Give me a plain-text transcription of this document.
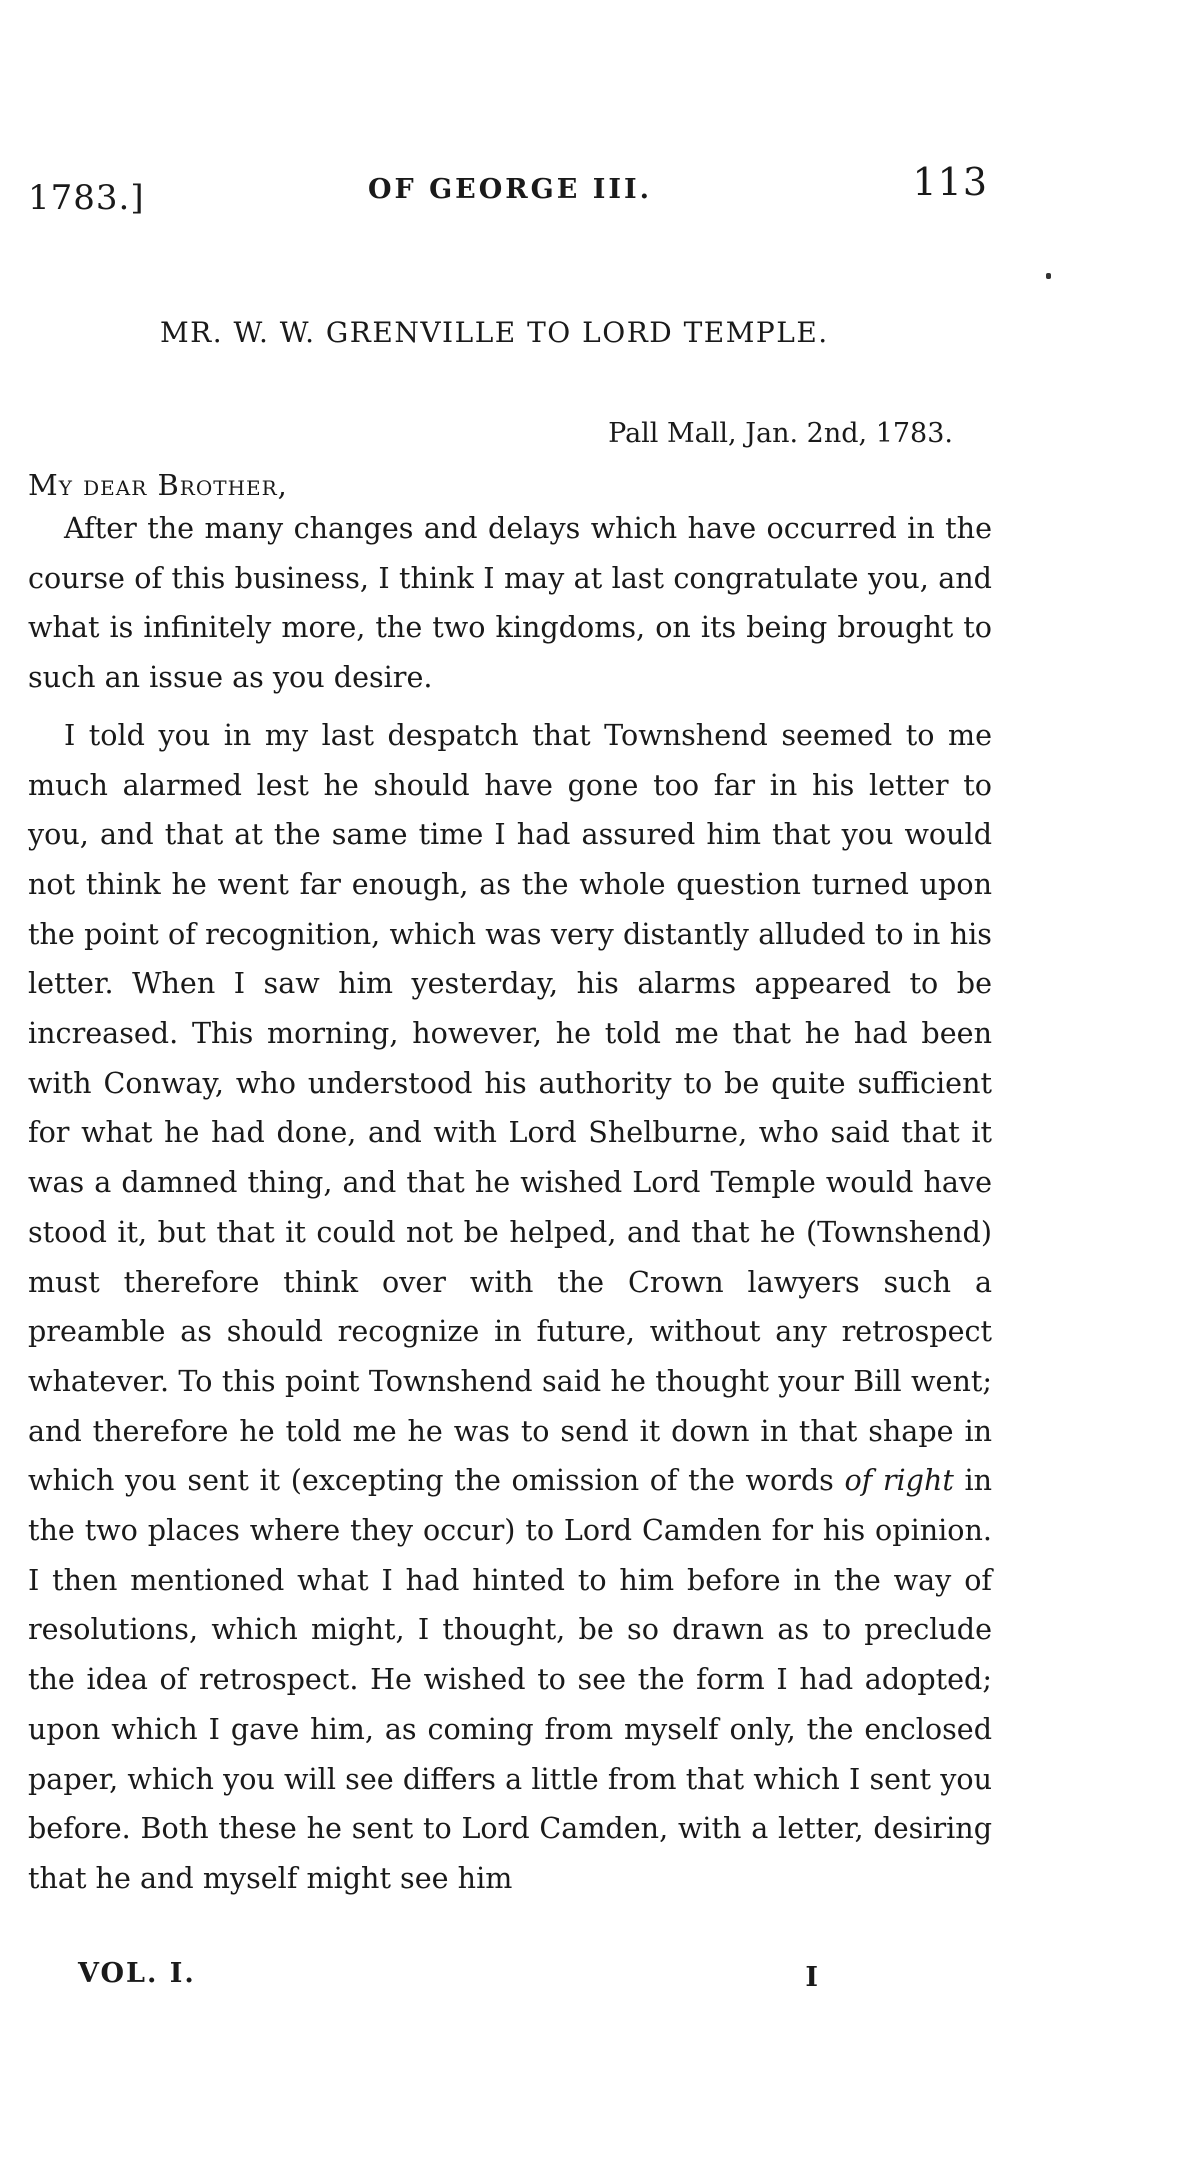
1783.]	OF GEORGE III.	113
MR. W. W. GRENVILLE TO LORD TEMPLE.
Pall Mall, Jan. 2nd, 1783.
My dear Brother,

After the many changes and delays which have occurred in the course of this business, I think I may at last congratulate you, and what is infinitely more, the two kingdoms, on its being brought to such an issue as you desire.

I told you in my last despatch that Townshend seemed to me much alarmed lest he should have gone too far in his letter to you, and that at the same time I had assured him that you would not think he went far enough, as the whole question turned upon the point of recognition, which was very distantly alluded to in his letter. When I saw him yesterday, his alarms appeared to be increased. This morning, however, he told me that he had been with Conway, who understood his authority to be quite sufficient for what he had done, and with Lord Shelburne, who said that it was a damned thing, and that he wished Lord Temple would have stood it, but that it could not be helped, and that he (Townshend) must therefore think over with the Crown lawyers such a preamble as should recognize in future, without any retrospect whatever. To this point Townshend said he thought your Bill went; and therefore he told me he was to send it down in that shape in which you sent it (excepting the omission of the words of right in the two places where they occur) to Lord Camden for his opinion. I then mentioned what I had hinted to him before in the way of resolutions, which might, I thought, be so drawn as to preclude the idea of retrospect. He wished to see the form I had adopted; upon which I gave him, as coming from myself only, the enclosed paper, which you will see differs a little from that which I sent you before. Both these he sent to Lord Camden, with a letter, desiring that he and myself might see him

VOL. I.	I
